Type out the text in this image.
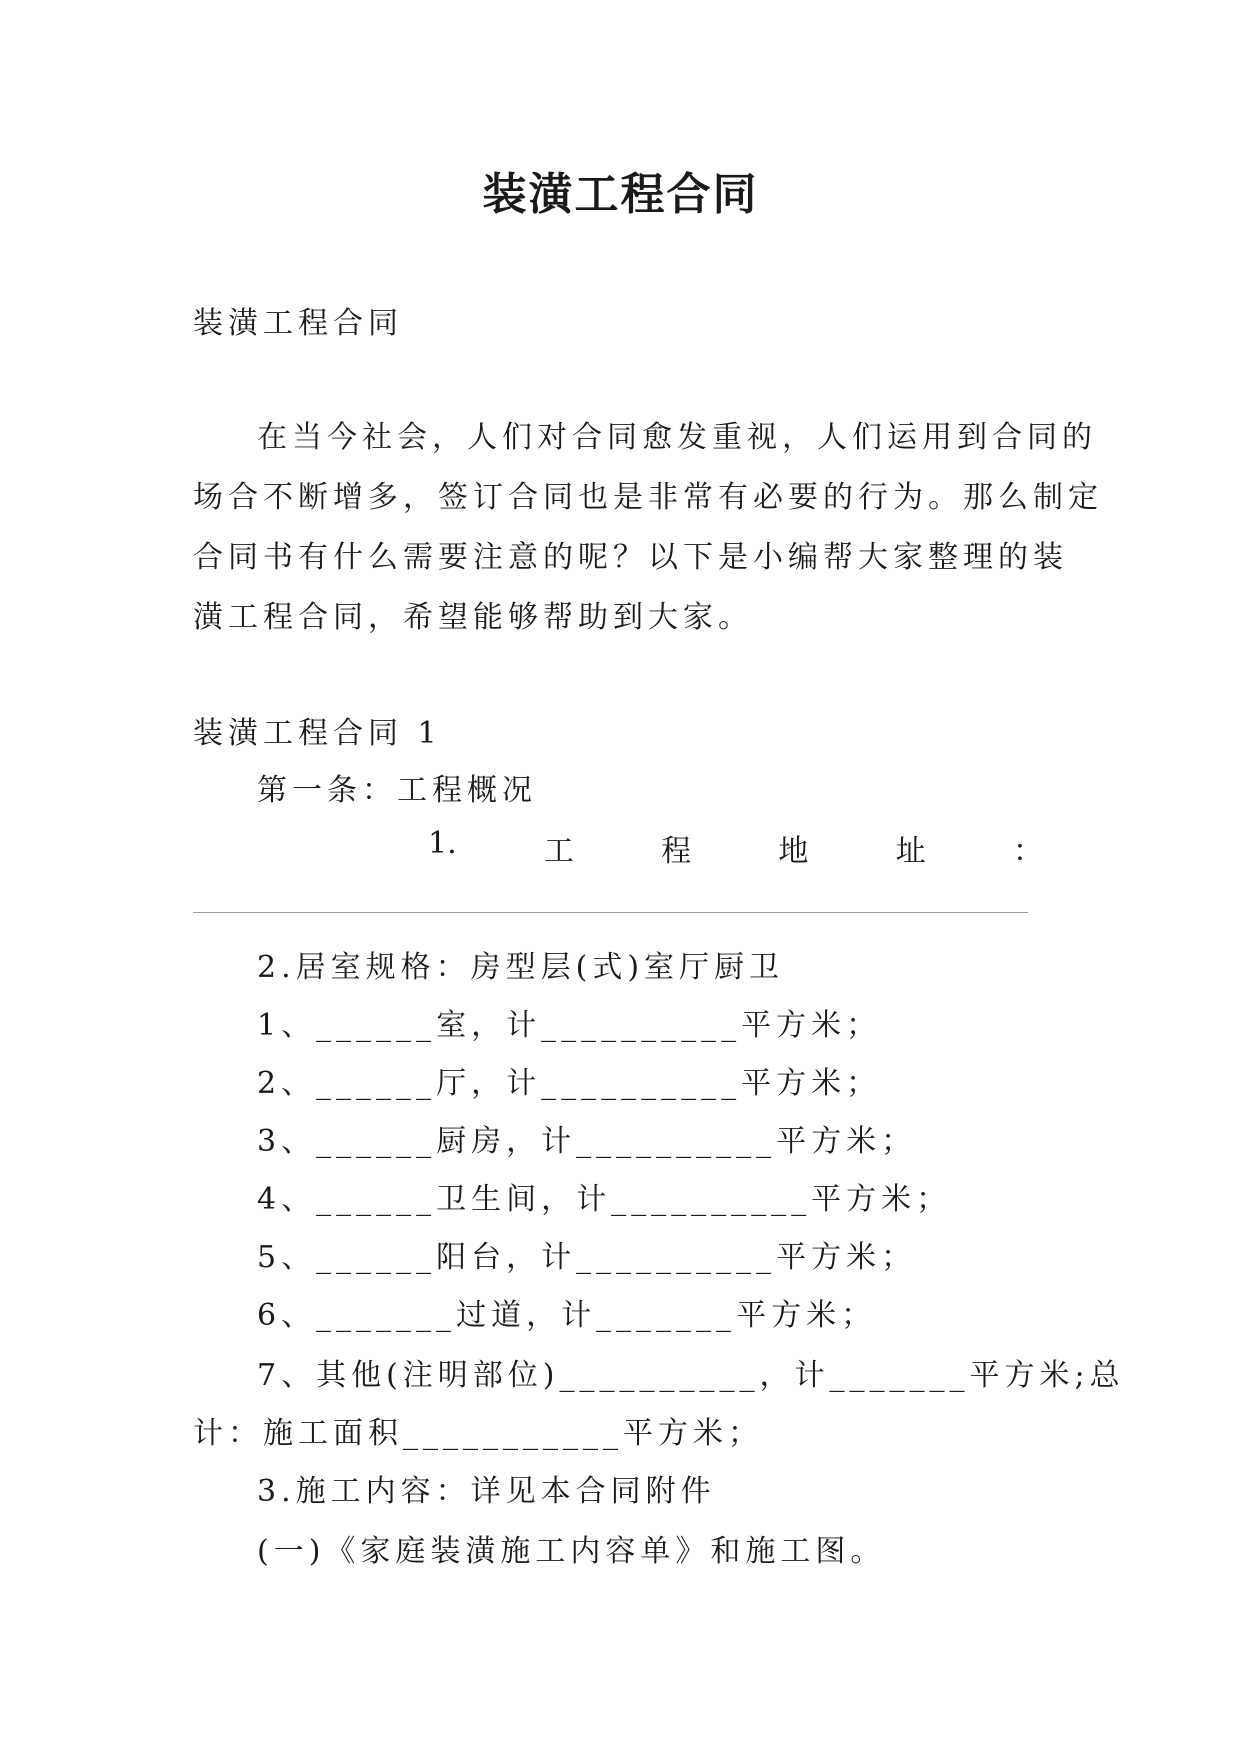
装潢工程合同
装潢工程合同
在当今社会，人们对合同愈发重视，人们运用到合同的
场合不断增多，签订合同也是非常有必要的行为。那么制定
合同书有什么需要注意的呢？以下是小编帮大家整理的装
潢工程合同，希望能够帮助到大家。
装潢工程合同 1
第一条：工程概况
1.	工	程	地	址	：
2.居室规格：房型层(式)室厅厨卫
1、______室，计__________平方米；
2、______厅，计__________平方米；
3、______厨房，计__________平方米；
4、______卫生间，计__________平方米；
5、______阳台，计__________平方米；
6、_______过道，计_______平方米；
7、其他(注明部位)__________，计_______平方米;总
计：施工面积___________平方米；
3.施工内容：详见本合同附件
(一)《家庭装潢施工内容单》和施工图。
